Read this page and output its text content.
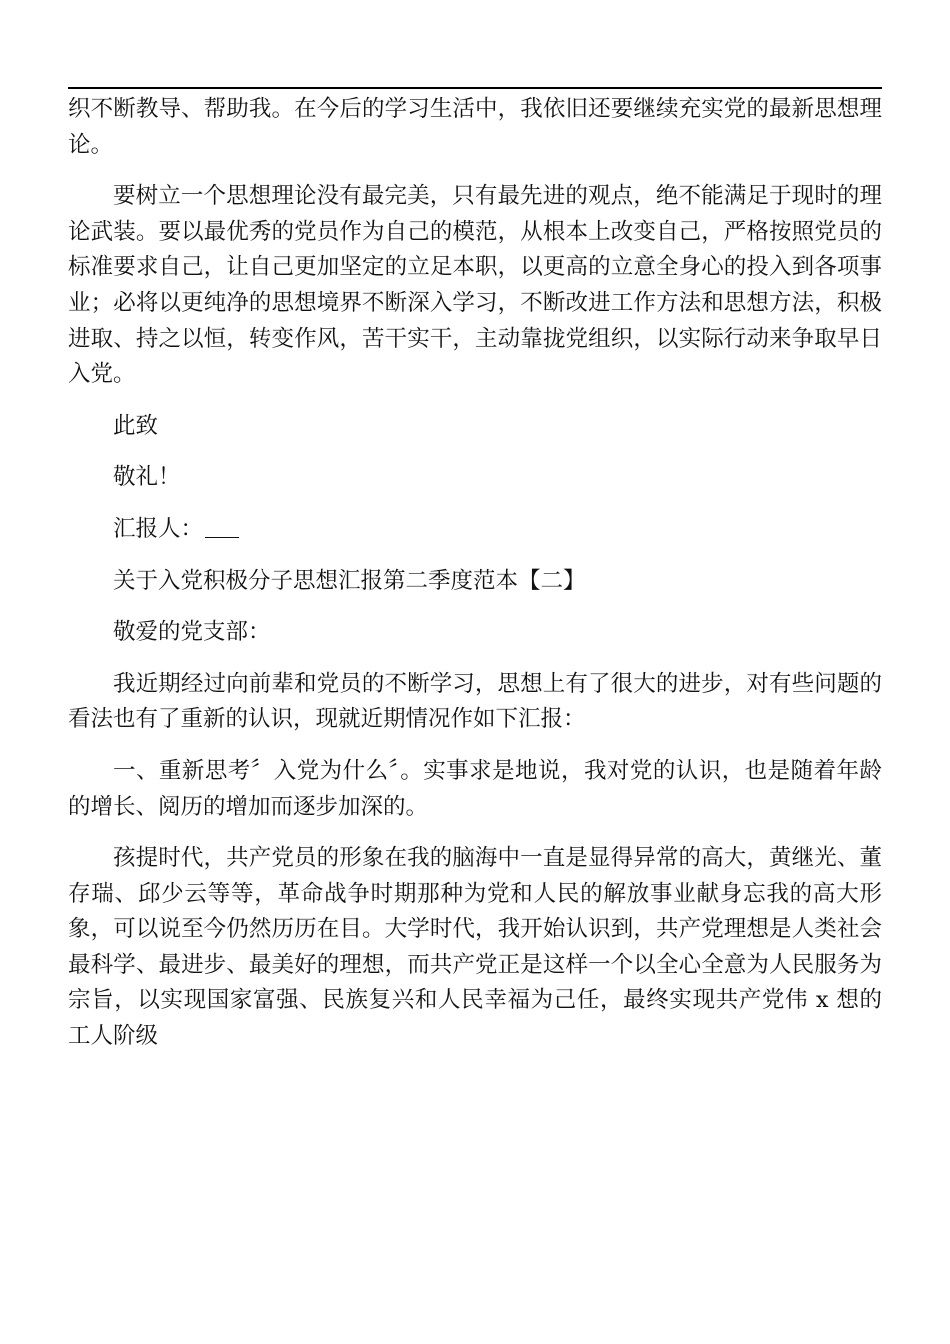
织不断教导、帮助我。在今后的学习生活中，我依旧还要继续充实党的最新思想理论。

要树立一个思想理论没有最完美，只有最先进的观点，绝不能满足于现时的理论武装。要以最优秀的党员作为自己的模范，从根本上改变自己，严格按照党员的标准要求自己，让自己更加坚定的立足本职，以更高的立意全身心的投入到各项事业；必将以更纯净的思想境界不断深入学习，不断改进工作方法和思想方法，积极进取、持之以恒，转变作风，苦干实干，主动靠拢党组织，以实际行动来争取早日入党。

此致

敬礼！

汇报人：

关于入党积极分子思想汇报第二季度范本【二】

敬爱的党支部：

我近期经过向前辈和党员的不断学习，思想上有了很大的进步，对有些问题的看法也有了重新的认识，现就近期情况作如下汇报：

一、重新思考〞入党为什么〞。实事求是地说，我对党的认识，也是随着年龄的增长、阅历的增加而逐步加深的。

孩提时代，共产党员的形象在我的脑海中一直是显得异常的高大，黄继光、董存瑞、邱少云等等，革命战争时期那种为党和人民的解放事业献身忘我的高大形象，可以说至今仍然历历在目。大学时代，我开始认识到，共产党理想是人类社会最科学、最进步、最美好的理想，而共产党正是这样一个以全心全意为人民服务为宗旨，以实现国家富强、民族复兴和人民幸福为己任，最终实现共产党伟 x 想的工人阶级
